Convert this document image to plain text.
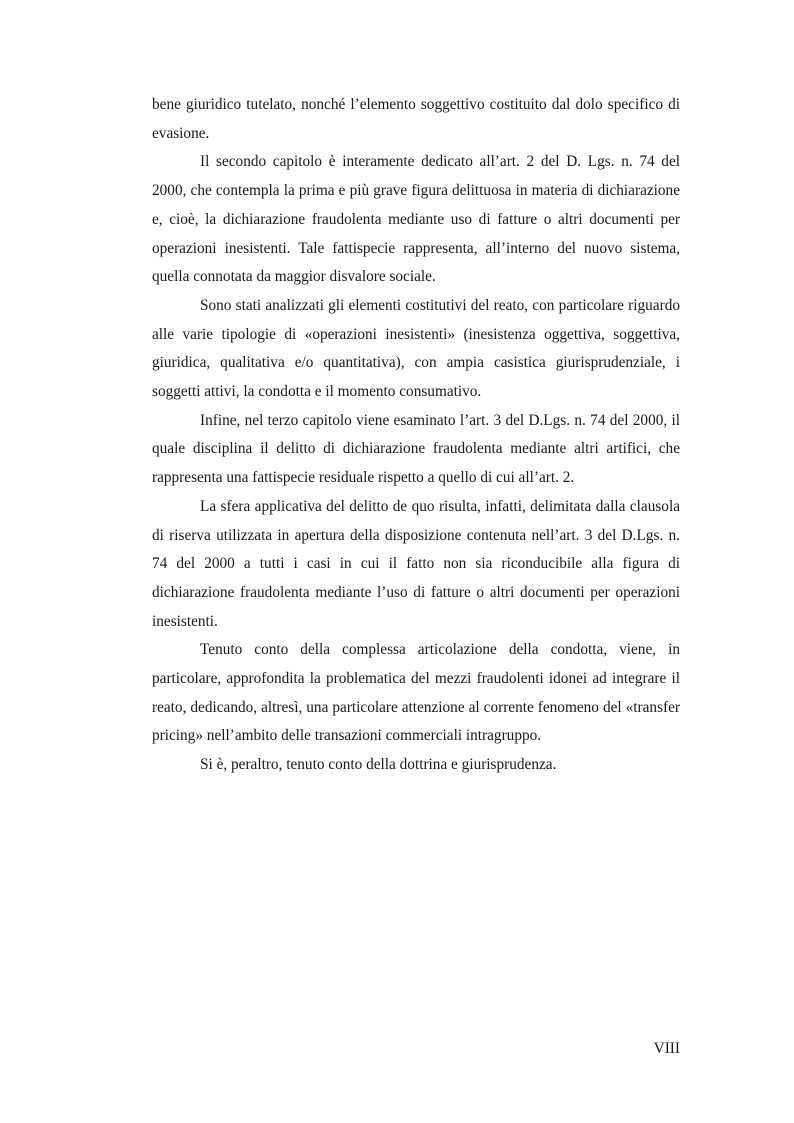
bene giuridico tutelato, nonché l’elemento soggettivo costituito dal dolo specifico di evasione.

Il secondo capitolo è interamente dedicato all’art. 2 del D. Lgs. n. 74 del 2000, che contempla la prima e più grave figura delittuosa in materia di dichiarazione e, cioè, la dichiarazione fraudolenta mediante uso di fatture o altri documenti per operazioni inesistenti. Tale fattispecie rappresenta, all’interno del nuovo sistema, quella connotata da maggior disvalore sociale.

Sono stati analizzati gli elementi costitutivi del reato, con particolare riguardo alle varie tipologie di «operazioni inesistenti» (inesistenza oggettiva, soggettiva, giuridica, qualitativa e/o quantitativa), con ampia casistica giurisprudenziale, i soggetti attivi, la condotta e il momento consumativo.

Infine, nel terzo capitolo viene esaminato l’art. 3 del D.Lgs. n. 74 del 2000, il quale disciplina il delitto di dichiarazione fraudolenta mediante altri artifici, che rappresenta una fattispecie residuale rispetto a quello di cui all’art. 2.

La sfera applicativa del delitto de quo risulta, infatti, delimitata dalla clausola di riserva utilizzata in apertura della disposizione contenuta nell’art. 3 del D.Lgs. n. 74 del 2000 a tutti i casi in cui il fatto non sia riconducibile alla figura di dichiarazione fraudolenta mediante l’uso di fatture o altri documenti per operazioni inesistenti.

Tenuto conto della complessa articolazione della condotta, viene, in particolare, approfondita la problematica del mezzi fraudolenti idonei ad integrare il reato, dedicando, altresì, una particolare attenzione al corrente fenomeno del «transfer pricing» nell’ambito delle transazioni commerciali intragruppo.

Si è, peraltro, tenuto conto della dottrina e giurisprudenza.

VIII
